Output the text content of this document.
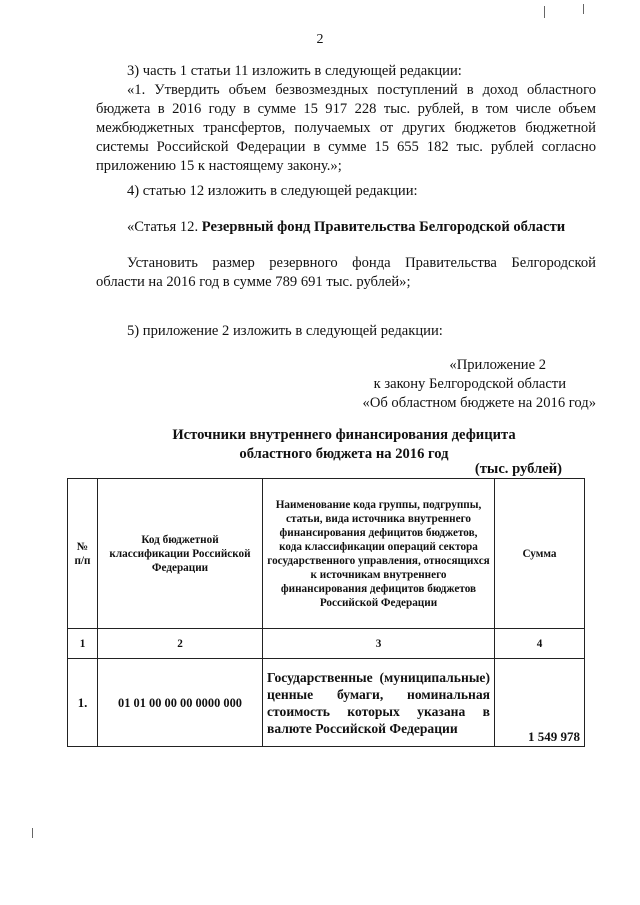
2

3) часть 1 статьи 11 изложить в следующей редакции:

«1. Утвердить объем безвозмездных поступлений в доход областного
бюджета в 2016 году в сумме 15 917 228 тыс. рублей, в том числе объем
межбюджетных трансфертов, получаемых от других бюджетов бюджетной
системы Российской Федерации в сумме 15 655 182 тыс. рублей согласно
приложению 15 к настоящему закону.»;

4) статью 12 изложить в следующей редакции:

«Статья 12. Резервный фонд Правительства Белгородской области

Установить размер резервного фонда Правительства Белгородской
области на 2016 год в сумме 789 691 тыс. рублей»;

5) приложение 2 изложить в следующей редакции:

«Приложение 2
к закону Белгородской области
«Об областном бюджете на 2016 год»

Источники внутреннего финансирования дефицита
областного бюджета на 2016 год

(тыс. рублей)

№ п/п	Код бюджетной классификации Российской Федерации	Наименование кода группы, подгруппы, статьи, вида источника внутреннего финансирования дефицитов бюджетов, кода классификации операций сектора государственного управления, относящихся к источникам внутреннего финансирования дефицитов бюджетов Российской Федерации	Сумма
1	2	3	4
1.	01 01 00 00 00 0000 000	Государственные (муниципальные) ценные бумаги, номинальная стоимость которых указана в валюте Российской Федерации	1 549 978
